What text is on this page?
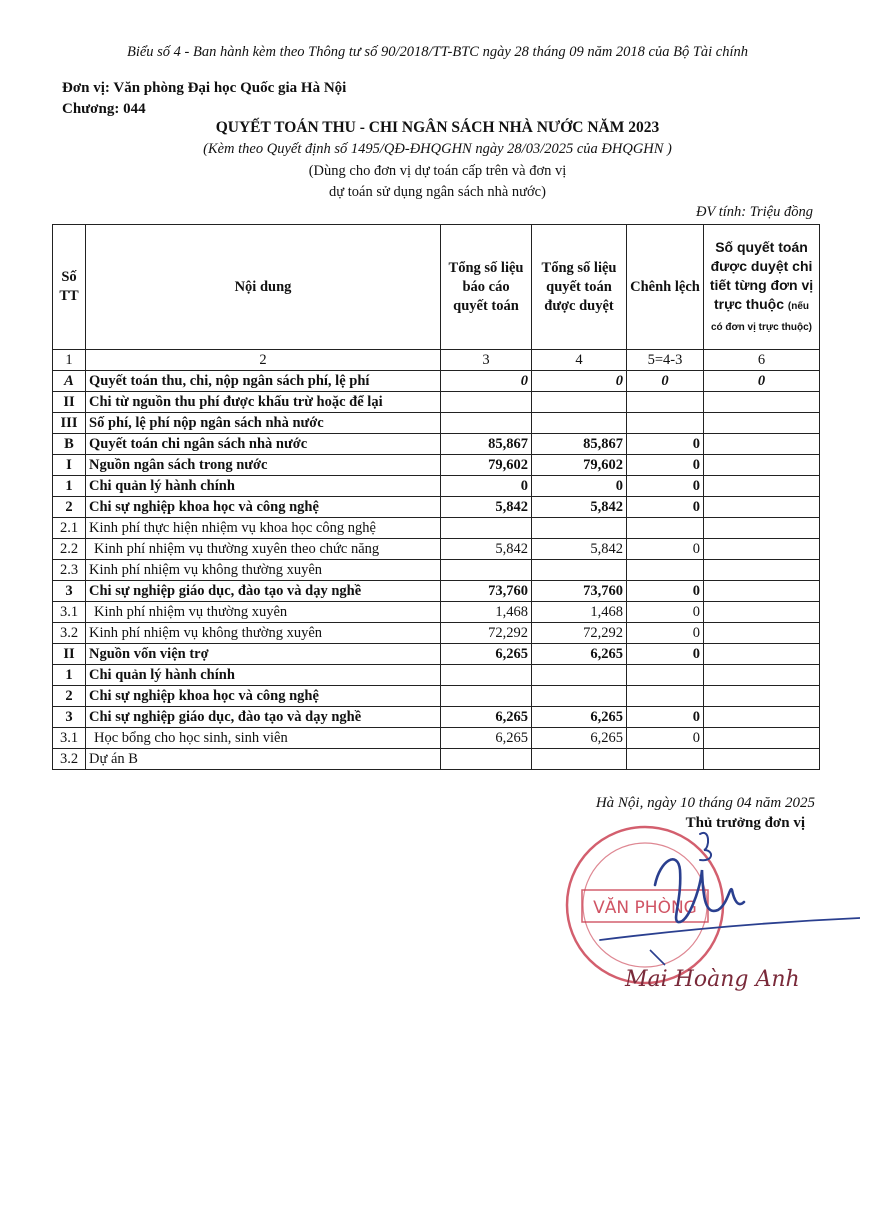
Biểu số 4 - Ban hành kèm theo Thông tư số 90/2018/TT-BTC ngày 28 tháng 09 năm 2018 của Bộ Tài chính
Đơn vị: Văn phòng Đại học Quốc gia Hà Nội
Chương: 044
QUYẾT TOÁN THU - CHI NGÂN SÁCH NHÀ NƯỚC NĂM 2023
(Kèm theo Quyết định số 1495/QĐ-ĐHQGHN ngày 28/03/2025 của ĐHQGHN )
(Dùng cho đơn vị dự toán cấp trên và đơn vị
dự toán sử dụng ngân sách nhà nước)
ĐV tính: Triệu đồng
Số TT	Nội dung	Tổng số liệu báo cáo quyết toán	Tổng số liệu quyết toán được duyệt	Chênh lệch	Số quyết toán được duyệt chi tiết từng đơn vị trực thuộc (nếu có đơn vị trực thuộc)
1	2	3	4	5=4-3	6
A	Quyết toán thu, chi, nộp ngân sách phí, lệ phí	0	0	0	0
II	Chi từ nguồn thu phí được khấu trừ hoặc để lại				
III	Số phí, lệ phí nộp ngân sách nhà nước				
B	Quyết toán chi ngân sách nhà nước	85,867	85,867	0	
I	Nguồn ngân sách trong nước	79,602	79,602	0	
1	Chi quản lý hành chính	0	0	0	
2	Chi sự nghiệp khoa học và công nghệ	5,842	5,842	0	
2.1	Kinh phí thực hiện nhiệm vụ khoa học công nghệ				
2.2	Kinh phí nhiệm vụ thường xuyên theo chức năng	5,842	5,842	0	
2.3	Kinh phí nhiệm vụ không thường xuyên				
3	Chi sự nghiệp giáo dục, đào tạo và dạy nghề	73,760	73,760	0	
3.1	Kinh phí nhiệm vụ thường xuyên	1,468	1,468	0	
3.2	Kinh phí nhiệm vụ không thường xuyên	72,292	72,292	0	
II	Nguồn vốn viện trợ	6,265	6,265	0	
1	Chi quản lý hành chính				
2	Chi sự nghiệp khoa học và công nghệ				
3	Chi sự nghiệp giáo dục, đào tạo và dạy nghề	6,265	6,265	0	
3.1	Học bổng cho học sinh, sinh viên	6,265	6,265	0	
3.2	Dự án B				
Hà Nội, ngày 10 tháng 04 năm 2025
Thủ trưởng đơn vị
VĂN PHÒNG
Mai Hoàng Anh
